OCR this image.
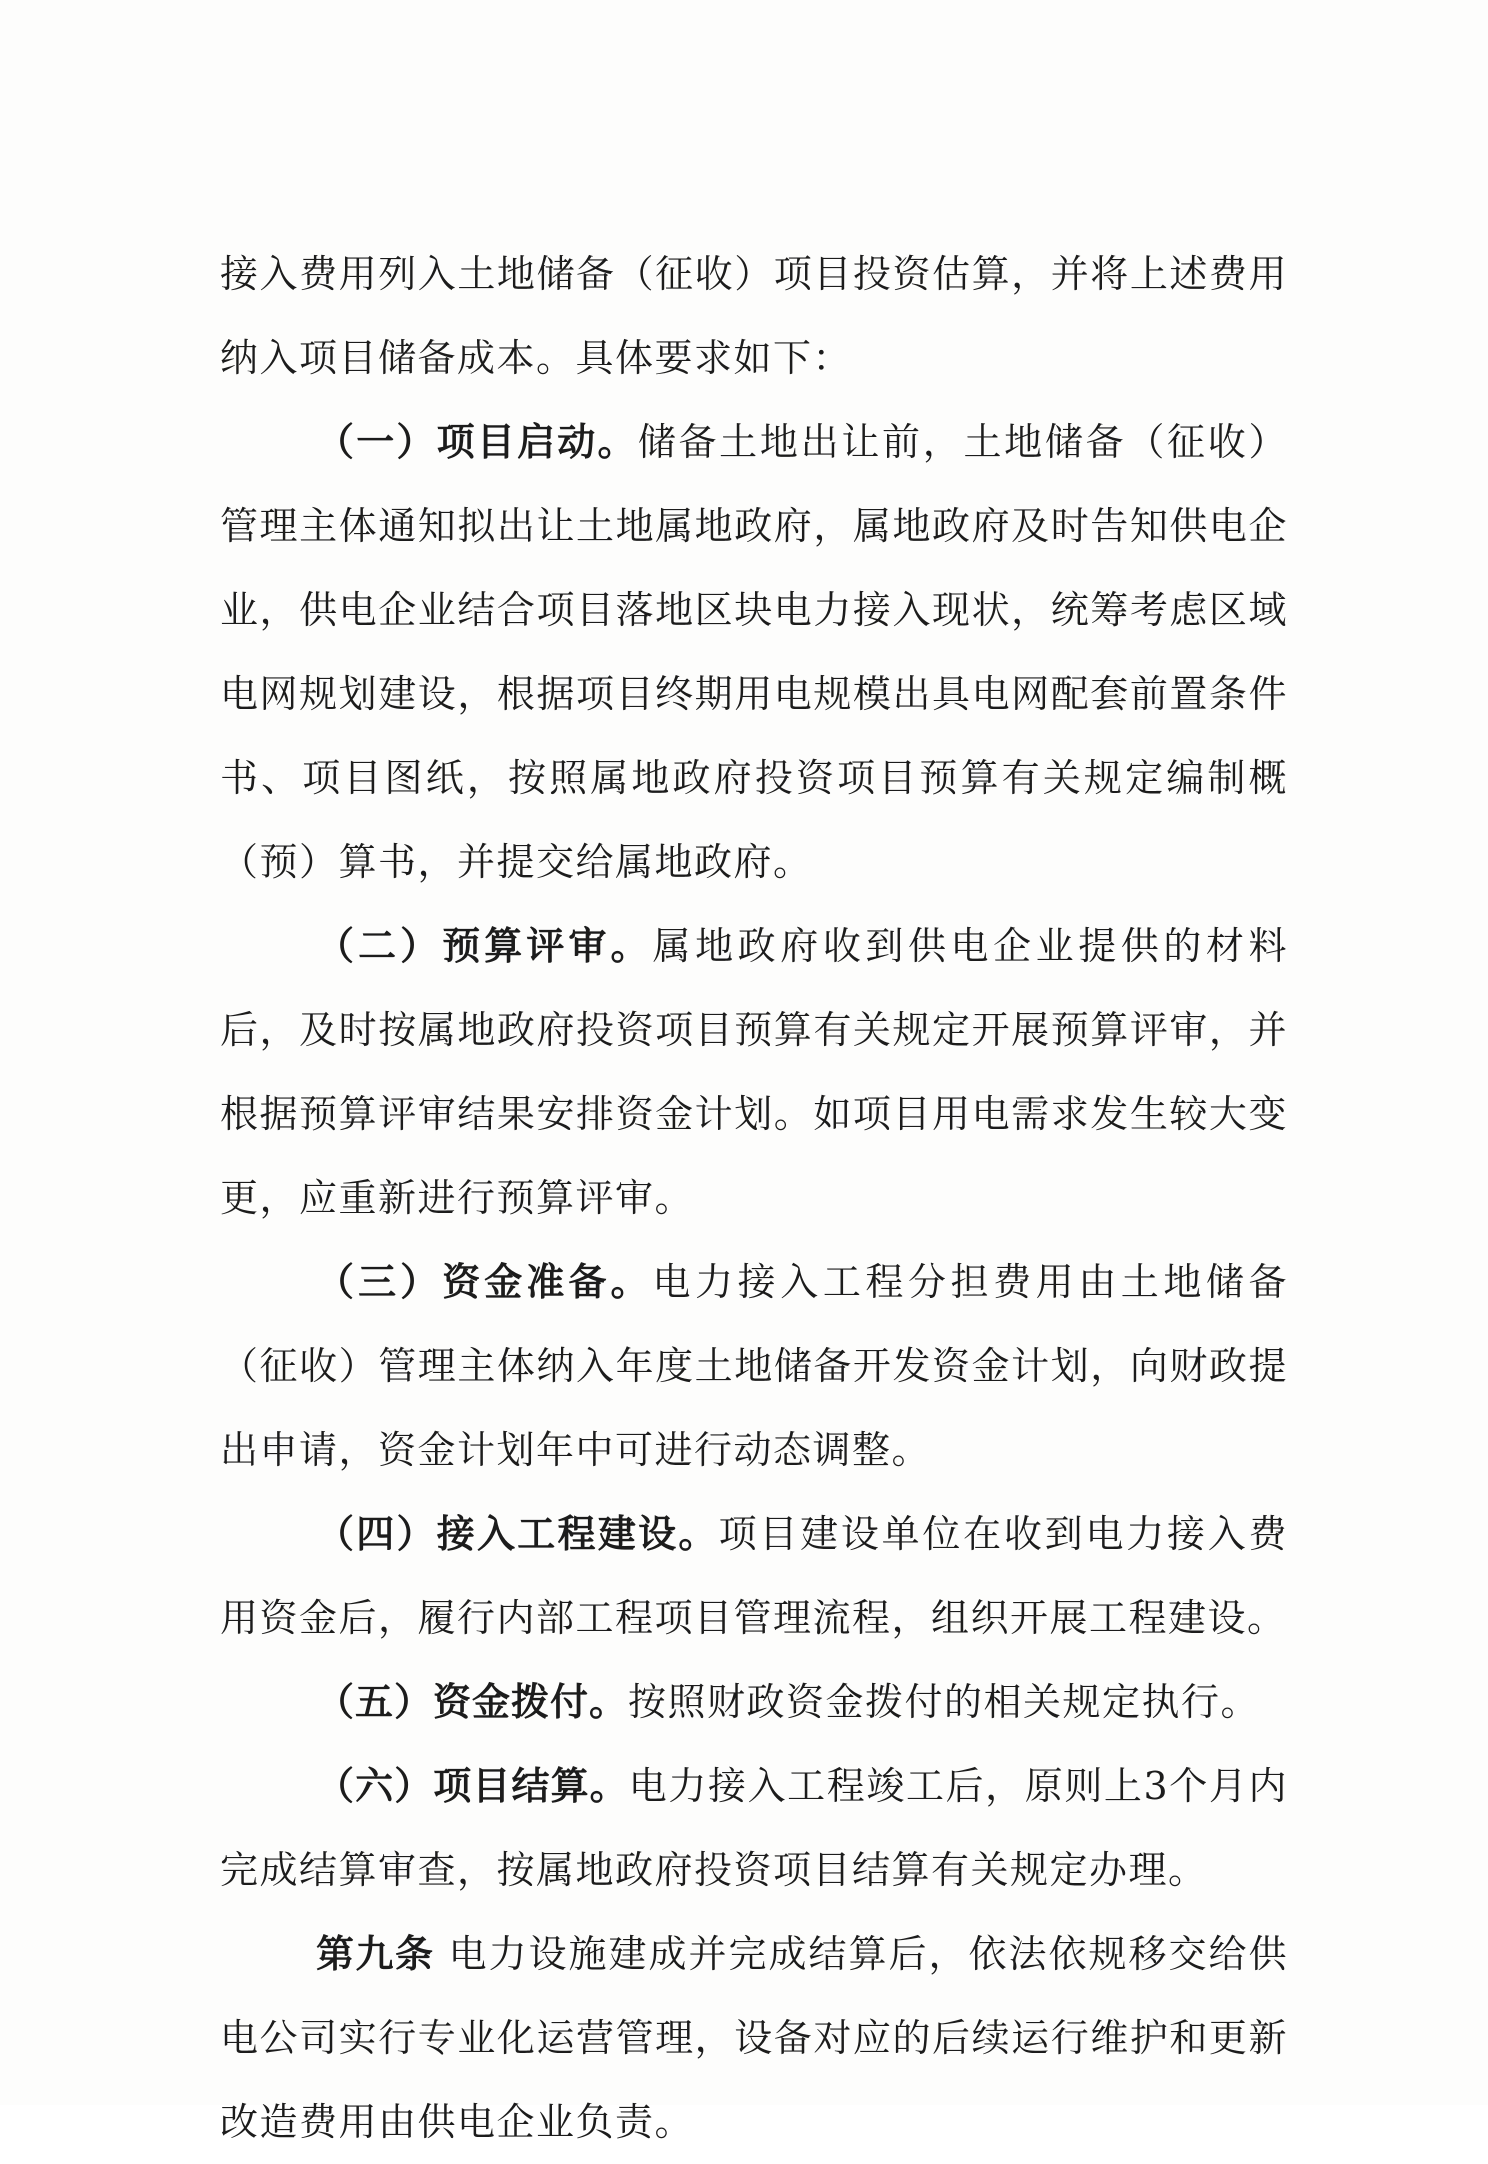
接入费用列入土地储备（征收）项目投资估算，并将上述费用纳入项目储备成本。具体要求如下：

（一）项目启动。储备土地出让前，土地储备（征收）管理主体通知拟出让土地属地政府，属地政府及时告知供电企业，供电企业结合项目落地区块电力接入现状，统筹考虑区域电网规划建设，根据项目终期用电规模出具电网配套前置条件书、项目图纸，按照属地政府投资项目预算有关规定编制概（预）算书，并提交给属地政府。

（二）预算评审。属地政府收到供电企业提供的材料后，及时按属地政府投资项目预算有关规定开展预算评审，并根据预算评审结果安排资金计划。如项目用电需求发生较大变更，应重新进行预算评审。

（三）资金准备。电力接入工程分担费用由土地储备（征收）管理主体纳入年度土地储备开发资金计划，向财政提出申请，资金计划年中可进行动态调整。

（四）接入工程建设。项目建设单位在收到电力接入费用资金后，履行内部工程项目管理流程，组织开展工程建设。

（五）资金拨付。按照财政资金拨付的相关规定执行。

（六）项目结算。电力接入工程竣工后，原则上3个月内完成结算审查，按属地政府投资项目结算有关规定办理。

第九条 电力设施建成并完成结算后，依法依规移交给供电公司实行专业化运营管理，设备对应的后续运行维护和更新改造费用由供电企业负责。
